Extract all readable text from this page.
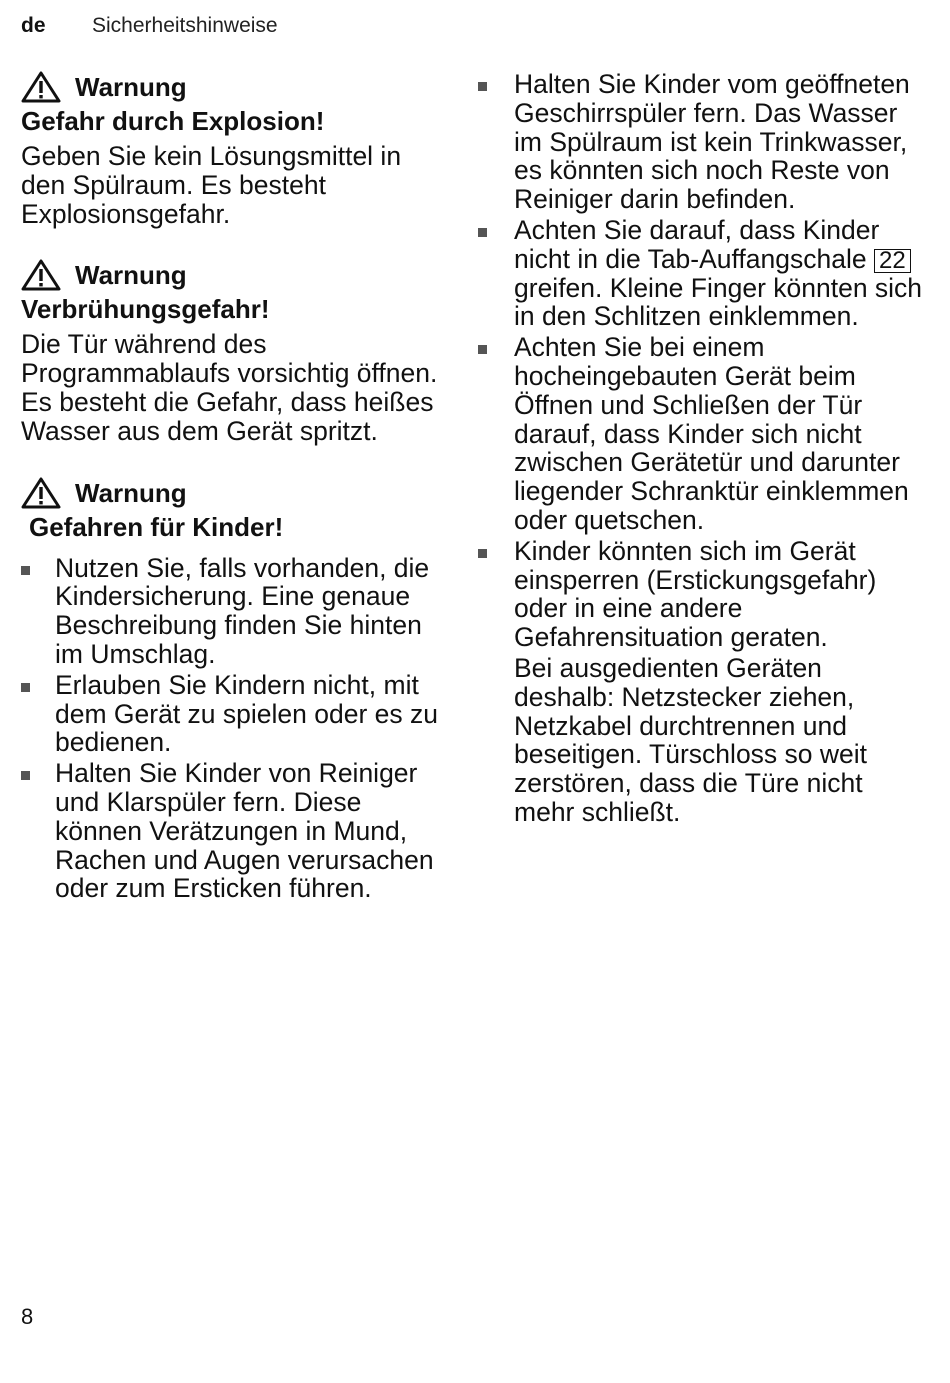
de Sicherheitshinweise
Warnung
Gefahr durch Explosion!
Geben Sie kein Lösungsmittel in den Spülraum. Es besteht Explosionsgefahr.
Warnung
Verbrühungsgefahr!
Die Tür während des Programmablaufs vorsichtig öffnen. Es besteht die Gefahr, dass heißes Wasser aus dem Gerät spritzt.
Warnung
Gefahren für Kinder!
Nutzen Sie, falls vorhanden, die Kindersicherung. Eine genaue Beschreibung finden Sie hinten im Umschlag.
Erlauben Sie Kindern nicht, mit dem Gerät zu spielen oder es zu bedienen.
Halten Sie Kinder von Reiniger und Klarspüler fern. Diese können Verätzungen in Mund, Rachen und Augen verursachen oder zum Ersticken führen.
Halten Sie Kinder vom geöffneten Geschirrspüler fern. Das Wasser im Spülraum ist kein Trinkwasser, es könnten sich noch Reste von Reiniger darin befinden.
Achten Sie darauf, dass Kinder nicht in die Tab-Auffangschale 22 greifen. Kleine Finger könnten sich in den Schlitzen einklemmen.
Achten Sie bei einem hocheingebauten Gerät beim Öffnen und Schließen der Tür darauf, dass Kinder sich nicht zwischen Gerätetür und darunter liegender Schranktür einklemmen oder quetschen.
Kinder könnten sich im Gerät einsperren (Erstickungsgefahr) oder in eine andere Gefahrensituation geraten.
Bei ausgedienten Geräten deshalb: Netzstecker ziehen, Netzkabel durchtrennen und beseitigen. Türschloss so weit zerstören, dass die Türe nicht mehr schließt.
8
